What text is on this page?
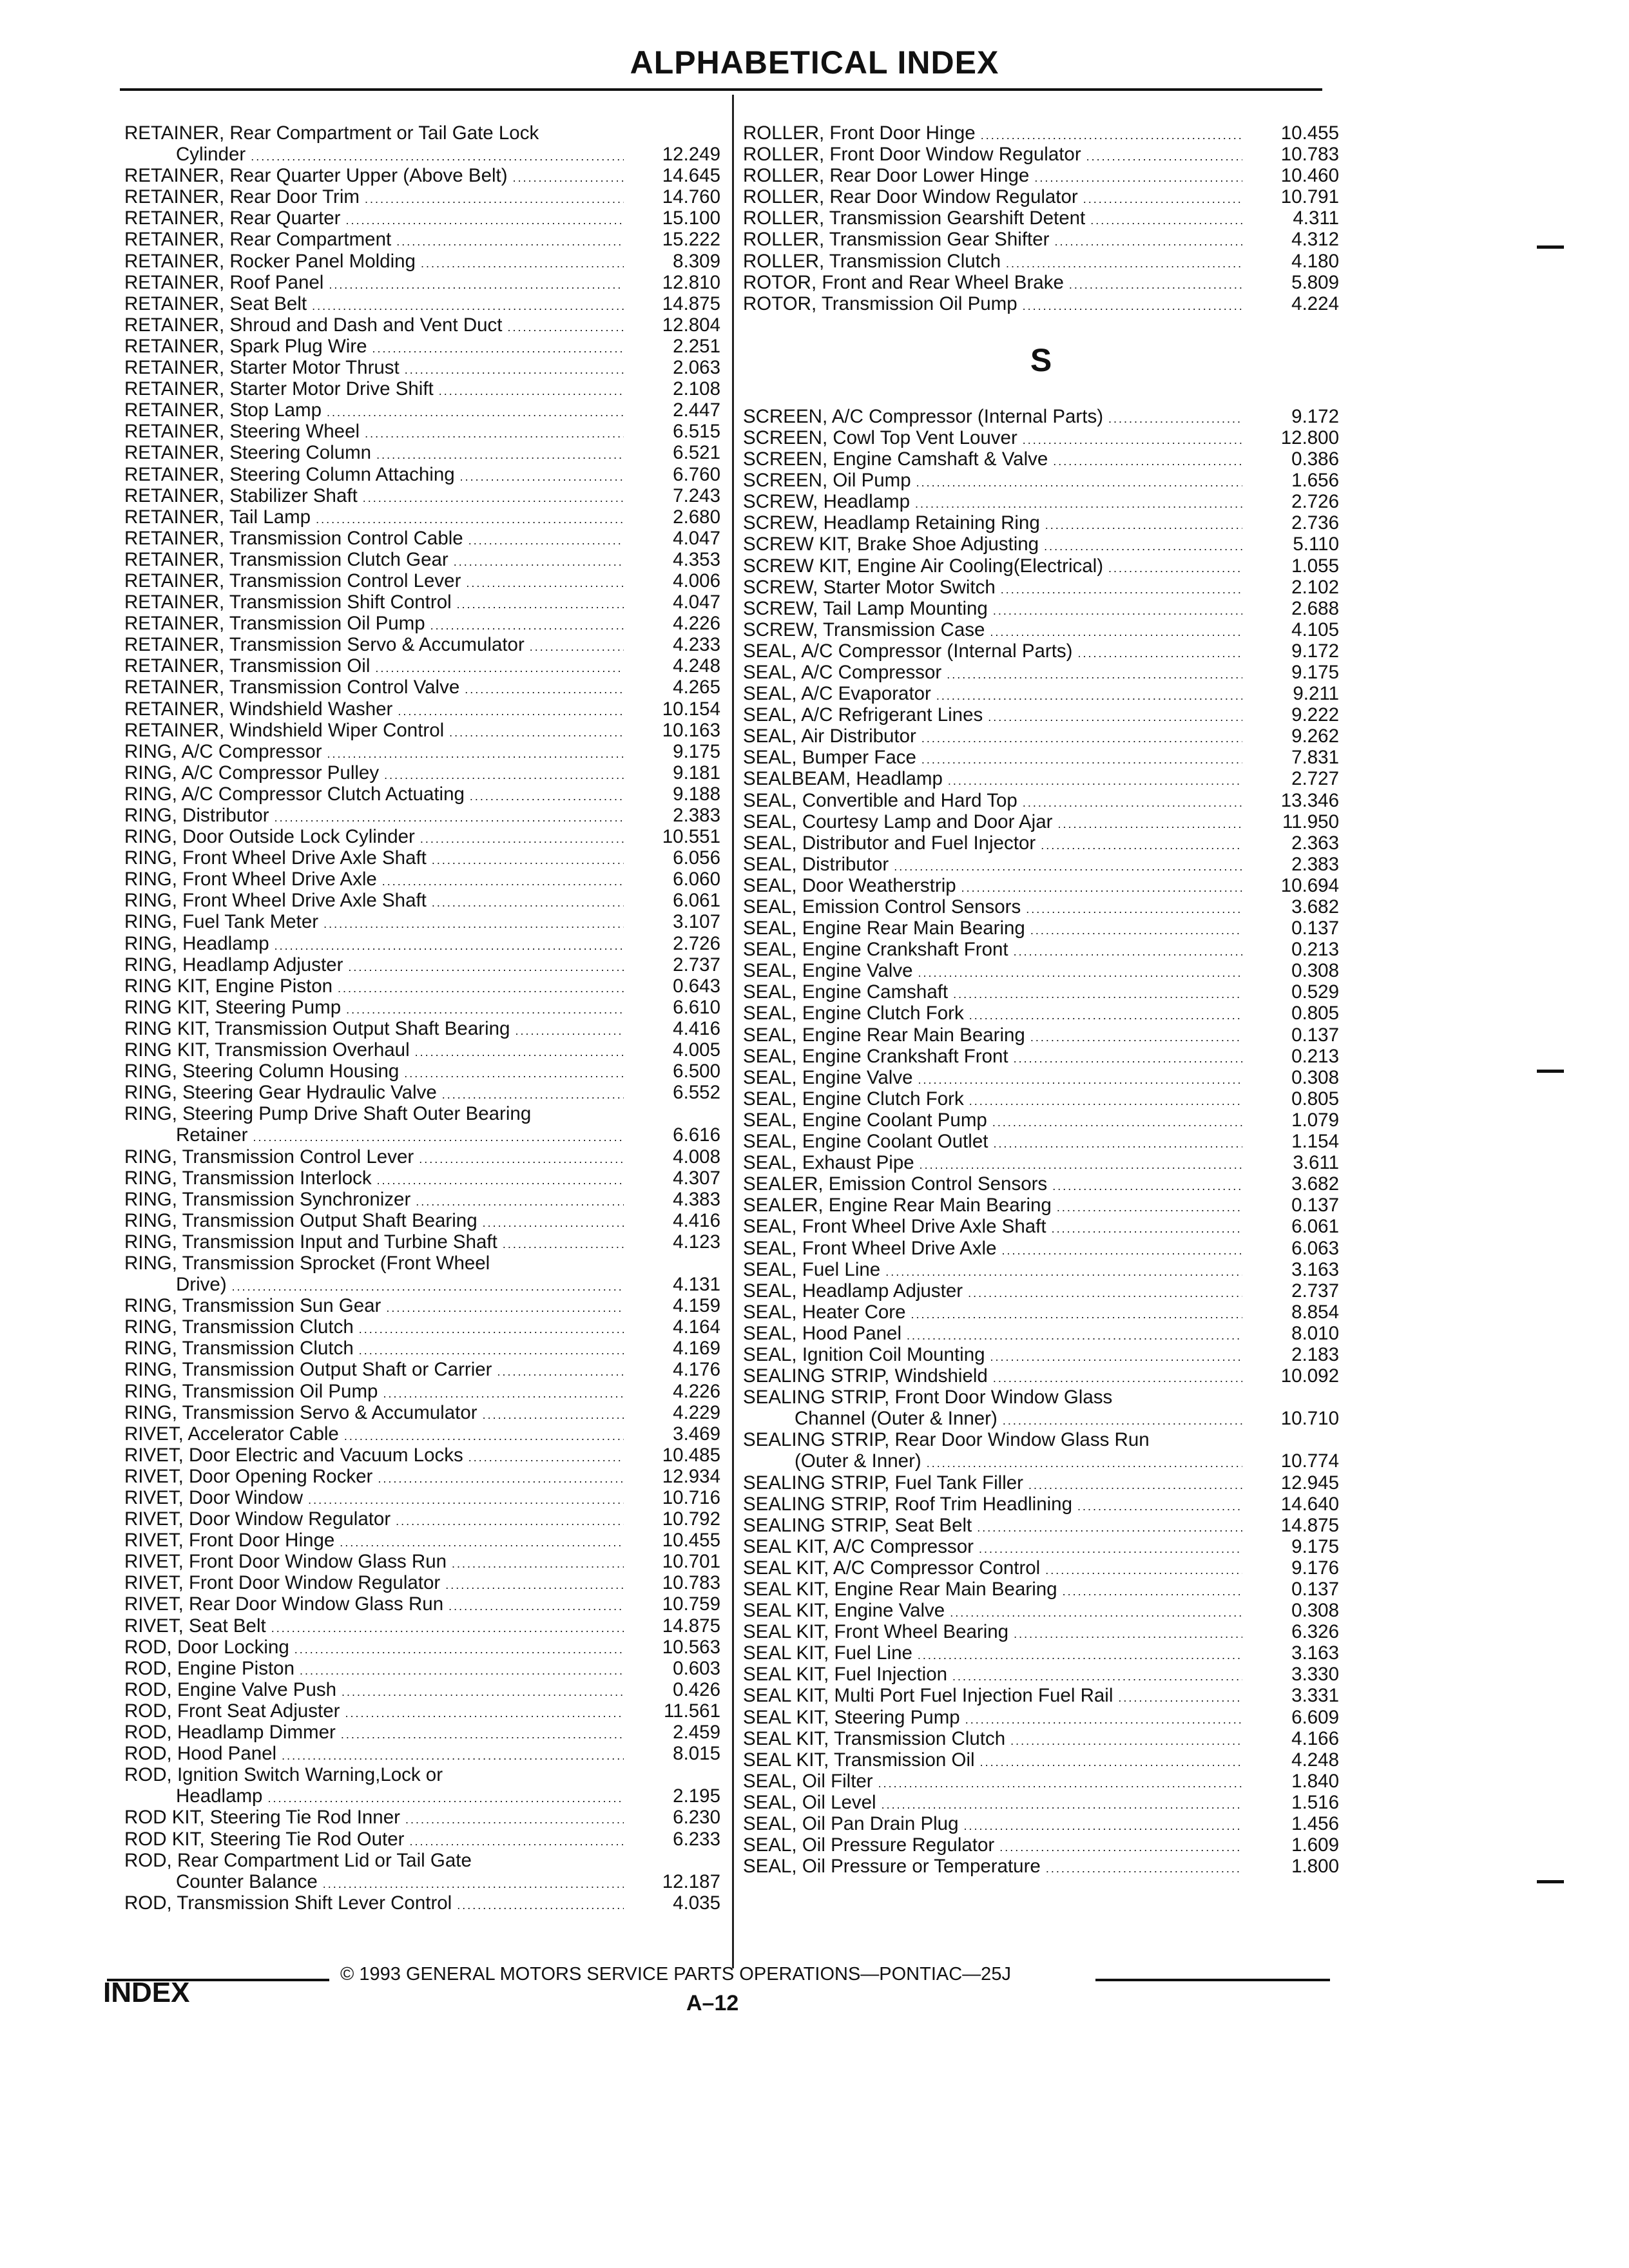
ALPHABETICAL INDEX
RETAINER, Rear Compartment or Tail Gate Lock
Cylinder .....	12.249
RETAINER, Rear Quarter Upper (Above Belt) .....	14.645
RETAINER, Rear Door Trim .....	14.760
RETAINER, Rear Quarter .....	15.100
RETAINER, Rear Compartment .....	15.222
RETAINER, Rocker Panel Molding .....	8.309
RETAINER, Roof Panel .....	12.810
RETAINER, Seat Belt .....	14.875
RETAINER, Shroud and Dash and Vent Duct .....	12.804
RETAINER, Spark Plug Wire .....	2.251
RETAINER, Starter Motor Thrust .....	2.063
RETAINER, Starter Motor Drive Shift .....	2.108
RETAINER, Stop Lamp .....	2.447
RETAINER, Steering Wheel .....	6.515
RETAINER, Steering Column .....	6.521
RETAINER, Steering Column Attaching .....	6.760
RETAINER, Stabilizer Shaft .....	7.243
RETAINER, Tail Lamp .....	2.680
RETAINER, Transmission Control Cable .....	4.047
RETAINER, Transmission Clutch Gear .....	4.353
RETAINER, Transmission Control Lever .....	4.006
RETAINER, Transmission Shift Control .....	4.047
RETAINER, Transmission Oil Pump .....	4.226
RETAINER, Transmission Servo & Accumulator .....	4.233
RETAINER, Transmission Oil .....	4.248
RETAINER, Transmission Control Valve .....	4.265
RETAINER, Windshield Washer .....	10.154
RETAINER, Windshield Wiper Control .....	10.163
RING, A/C Compressor .....	9.175
RING, A/C Compressor Pulley .....	9.181
RING, A/C Compressor Clutch Actuating .....	9.188
RING, Distributor .....	2.383
RING, Door Outside Lock Cylinder .....	10.551
RING, Front Wheel Drive Axle Shaft .....	6.056
RING, Front Wheel Drive Axle .....	6.060
RING, Front Wheel Drive Axle Shaft .....	6.061
RING, Fuel Tank Meter .....	3.107
RING, Headlamp .....	2.726
RING, Headlamp Adjuster .....	2.737
RING KIT, Engine Piston .....	0.643
RING KIT, Steering Pump .....	6.610
RING KIT, Transmission Output Shaft Bearing .....	4.416
RING KIT, Transmission Overhaul .....	4.005
RING, Steering Column Housing .....	6.500
RING, Steering Gear Hydraulic Valve .....	6.552
RING, Steering Pump Drive Shaft Outer Bearing
Retainer .....	6.616
RING, Transmission Control Lever .....	4.008
RING, Transmission Interlock .....	4.307
RING, Transmission Synchronizer .....	4.383
RING, Transmission Output Shaft Bearing .....	4.416
RING, Transmission Input and Turbine Shaft .....	4.123
RING, Transmission Sprocket (Front Wheel
Drive) .....	4.131
RING, Transmission Sun Gear .....	4.159
RING, Transmission Clutch .....	4.164
RING, Transmission Clutch .....	4.169
RING, Transmission Output Shaft or Carrier .....	4.176
RING, Transmission Oil Pump .....	4.226
RING, Transmission Servo & Accumulator .....	4.229
RIVET, Accelerator Cable .....	3.469
RIVET, Door Electric and Vacuum Locks .....	10.485
RIVET, Door Opening Rocker .....	12.934
RIVET, Door Window .....	10.716
RIVET, Door Window Regulator .....	10.792
RIVET, Front Door Hinge .....	10.455
RIVET, Front Door Window Glass Run .....	10.701
RIVET, Front Door Window Regulator .....	10.783
RIVET, Rear Door Window Glass Run .....	10.759
RIVET, Seat Belt .....	14.875
ROD, Door Locking .....	10.563
ROD, Engine Piston .....	0.603
ROD, Engine Valve Push .....	0.426
ROD, Front Seat Adjuster .....	11.561
ROD, Headlamp Dimmer .....	2.459
ROD, Hood Panel .....	8.015
ROD, Ignition Switch Warning,Lock or
Headlamp .....	2.195
ROD KIT, Steering Tie Rod Inner .....	6.230
ROD KIT, Steering Tie Rod Outer .....	6.233
ROD, Rear Compartment Lid or Tail Gate
Counter Balance .....	12.187
ROD, Transmission Shift Lever Control .....	4.035
ROLLER, Front Door Hinge .....	10.455
ROLLER, Front Door Window Regulator .....	10.783
ROLLER, Rear Door Lower Hinge .....	10.460
ROLLER, Rear Door Window Regulator .....	10.791
ROLLER, Transmission Gearshift Detent .....	4.311
ROLLER, Transmission Gear Shifter .....	4.312
ROLLER, Transmission Clutch .....	4.180
ROTOR, Front and Rear Wheel Brake .....	5.809
ROTOR, Transmission Oil Pump .....	4.224
S
SCREEN, A/C Compressor (Internal Parts) .....	9.172
SCREEN, Cowl Top Vent Louver .....	12.800
SCREEN, Engine Camshaft & Valve .....	0.386
SCREEN, Oil Pump .....	1.656
SCREW, Headlamp .....	2.726
SCREW, Headlamp Retaining Ring .....	2.736
SCREW KIT, Brake Shoe Adjusting .....	5.110
SCREW KIT, Engine Air Cooling(Electrical) .....	1.055
SCREW, Starter Motor Switch .....	2.102
SCREW, Tail Lamp Mounting .....	2.688
SCREW, Transmission Case .....	4.105
SEAL, A/C Compressor (Internal Parts) .....	9.172
SEAL, A/C Compressor .....	9.175
SEAL, A/C Evaporator .....	9.211
SEAL, A/C Refrigerant Lines .....	9.222
SEAL, Air Distributor .....	9.262
SEAL, Bumper Face .....	7.831
SEALBEAM, Headlamp .....	2.727
SEAL, Convertible and Hard Top .....	13.346
SEAL, Courtesy Lamp and Door Ajar .....	11.950
SEAL, Distributor and Fuel Injector .....	2.363
SEAL, Distributor .....	2.383
SEAL, Door Weatherstrip .....	10.694
SEAL, Emission Control Sensors .....	3.682
SEAL, Engine Rear Main Bearing .....	0.137
SEAL, Engine Crankshaft Front .....	0.213
SEAL, Engine Valve .....	0.308
SEAL, Engine Camshaft .....	0.529
SEAL, Engine Clutch Fork .....	0.805
SEAL, Engine Rear Main Bearing .....	0.137
SEAL, Engine Crankshaft Front .....	0.213
SEAL, Engine Valve .....	0.308
SEAL, Engine Clutch Fork .....	0.805
SEAL, Engine Coolant Pump .....	1.079
SEAL, Engine Coolant Outlet .....	1.154
SEAL, Exhaust Pipe .....	3.611
SEALER, Emission Control Sensors .....	3.682
SEALER, Engine Rear Main Bearing .....	0.137
SEAL, Front Wheel Drive Axle Shaft .....	6.061
SEAL, Front Wheel Drive Axle .....	6.063
SEAL, Fuel Line .....	3.163
SEAL, Headlamp Adjuster .....	2.737
SEAL, Heater Core .....	8.854
SEAL, Hood Panel .....	8.010
SEAL, Ignition Coil Mounting .....	2.183
SEALING STRIP, Windshield .....	10.092
SEALING STRIP, Front Door Window Glass
Channel (Outer & Inner) .....	10.710
SEALING STRIP, Rear Door Window Glass Run
(Outer & Inner) .....	10.774
SEALING STRIP, Fuel Tank Filler .....	12.945
SEALING STRIP, Roof Trim Headlining .....	14.640
SEALING STRIP, Seat Belt .....	14.875
SEAL KIT, A/C Compressor .....	9.175
SEAL KIT, A/C Compressor Control .....	9.176
SEAL KIT, Engine Rear Main Bearing .....	0.137
SEAL KIT, Engine Valve .....	0.308
SEAL KIT, Front Wheel Bearing .....	6.326
SEAL KIT, Fuel Line .....	3.163
SEAL KIT, Fuel Injection .....	3.330
SEAL KIT, Multi Port Fuel Injection Fuel Rail .....	3.331
SEAL KIT, Steering Pump .....	6.609
SEAL KIT, Transmission Clutch .....	4.166
SEAL KIT, Transmission Oil .....	4.248
SEAL, Oil Filter .....	1.840
SEAL, Oil Level .....	1.516
SEAL, Oil Pan Drain Plug .....	1.456
SEAL, Oil Pressure Regulator .....	1.609
SEAL, Oil Pressure or Temperature .....	1.800
© 1993 GENERAL MOTORS SERVICE PARTS OPERATIONS—PONTIAC—25J
INDEX	A–12
